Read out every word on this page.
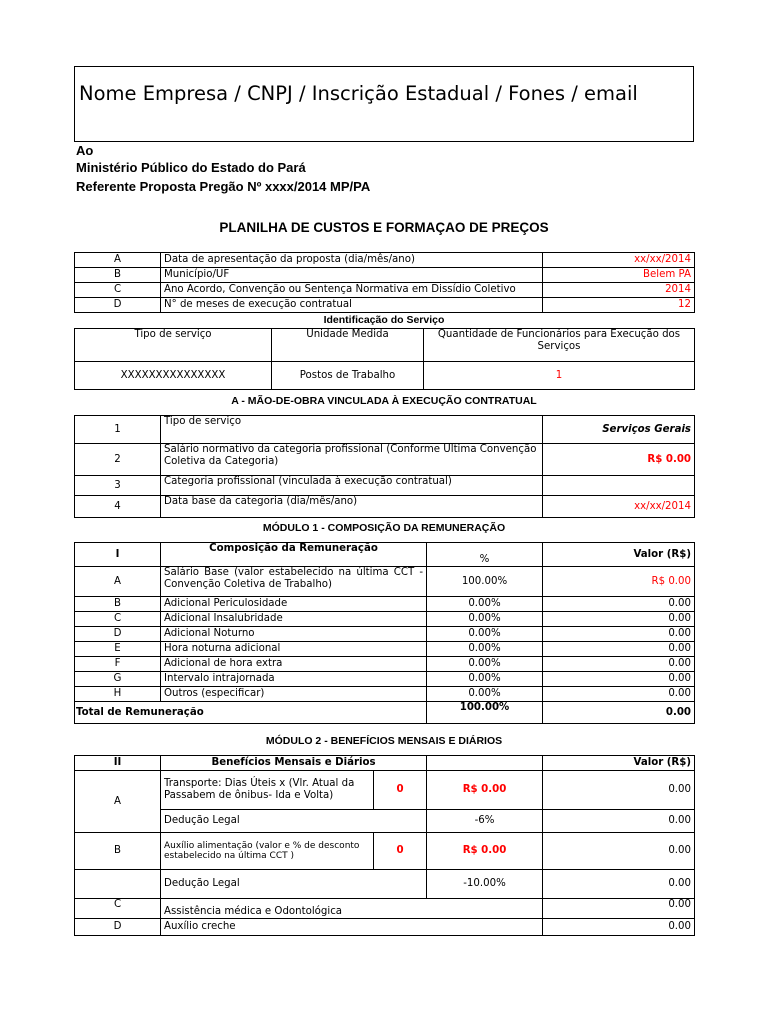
Nome Empresa / CNPJ / Inscrição Estadual / Fones / email
Ao
Ministério Público do Estado do Pará
Referente Proposta Pregão Nº xxxx/2014 MP/PA
PLANILHA DE CUSTOS E FORMAÇAO DE PREÇOS
A	Data de apresentação da proposta (dia/mês/ano)	xx/xx/2014
B	Município/UF	Belem PA
C	Ano Acordo, Convenção ou Sentença Normativa em Dissídio Coletivo	2014
D	N° de meses de execução contratual	12
Identificação do Serviço
Tipo de serviço	Unidade Medida	Quantidade de Funcionários para Execução dos Serviços
XXXXXXXXXXXXXXX	Postos de Trabalho	1
A - MÃO-DE-OBRA VINCULADA À EXECUÇÃO CONTRATUAL
1	Tipo de serviço	Serviços Gerais
2	Salário normativo da categoria profissional (Conforme Última Convenção Coletiva da Categoria)	R$ 0.00
3	Categoria profissional (vinculada à execução contratual)	
4	Data base da categoria (dia/mês/ano)	xx/xx/2014
MÓDULO 1 - COMPOSIÇÃO DA REMUNERAÇÃO
I	Composição da Remuneração	%	Valor (R$)
A	Salário Base (valor estabelecido na última CCT - Convenção Coletiva de Trabalho)	100.00%	R$ 0.00
B	Adicional Periculosidade	0.00%	0.00
C	Adicional Insalubridade	0.00%	0.00
D	Adicional Noturno	0.00%	0.00
E	Hora noturna adicional	0.00%	0.00
F	Adicional de hora extra	0.00%	0.00
G	Intervalo intrajornada	0.00%	0.00
H	Outros (especificar)	0.00%	0.00
Total de Remuneração		100.00%	0.00
MÓDULO 2 - BENEFÍCIOS MENSAIS E DIÁRIOS
II	Benefícios Mensais e Diários			Valor (R$)
A	Transporte: Dias Úteis x (Vlr. Atual da Passabem de ônibus- Ida e Volta)	0	R$ 0.00	0.00
	Dedução Legal		-6%	0.00
B	Auxílio alimentação (valor e % de desconto estabelecido na última CCT )	0	R$ 0.00	0.00
	Dedução Legal		-10.00%	0.00
C	Assistência médica e Odontológica			0.00
D	Auxílio creche			0.00
